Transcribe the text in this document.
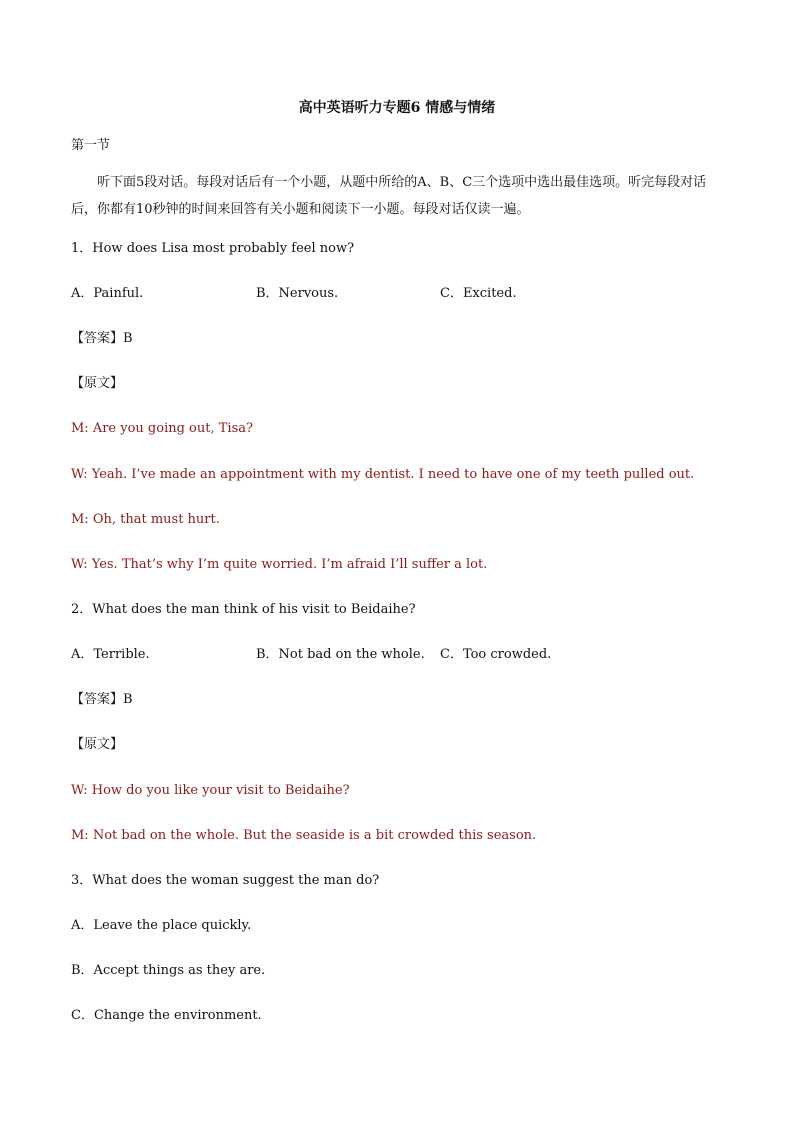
高中英语听力专题6 情感与情绪
第一节
听下面5段对话。每段对话后有一个小题，从题中所给的A、B、C三个选项中选出最佳选项。听完每段对话后，你都有10秒钟的时间来回答有关小题和阅读下一小题。每段对话仅读一遍。
1．How does Lisa most probably feel now?
A．Painful.	B．Nervous.	C．Excited.
【答案】B
【原文】
M: Are you going out, Tisa?
W: Yeah. I’ve made an appointment with my dentist. I need to have one of my teeth pulled out.
M: Oh, that must hurt.
W: Yes. That’s why I’m quite worried. I’m afraid I’ll suffer a lot.
2．What does the man think of his visit to Beidaihe?
A．Terrible.	B．Not bad on the whole. C．Too crowded.
【答案】B
【原文】
W: How do you like your visit to Beidaihe?
M: Not bad on the whole. But the seaside is a bit crowded this season.
3．What does the woman suggest the man do?
A．Leave the place quickly.
B．Accept things as they are.
C．Change the environment.
